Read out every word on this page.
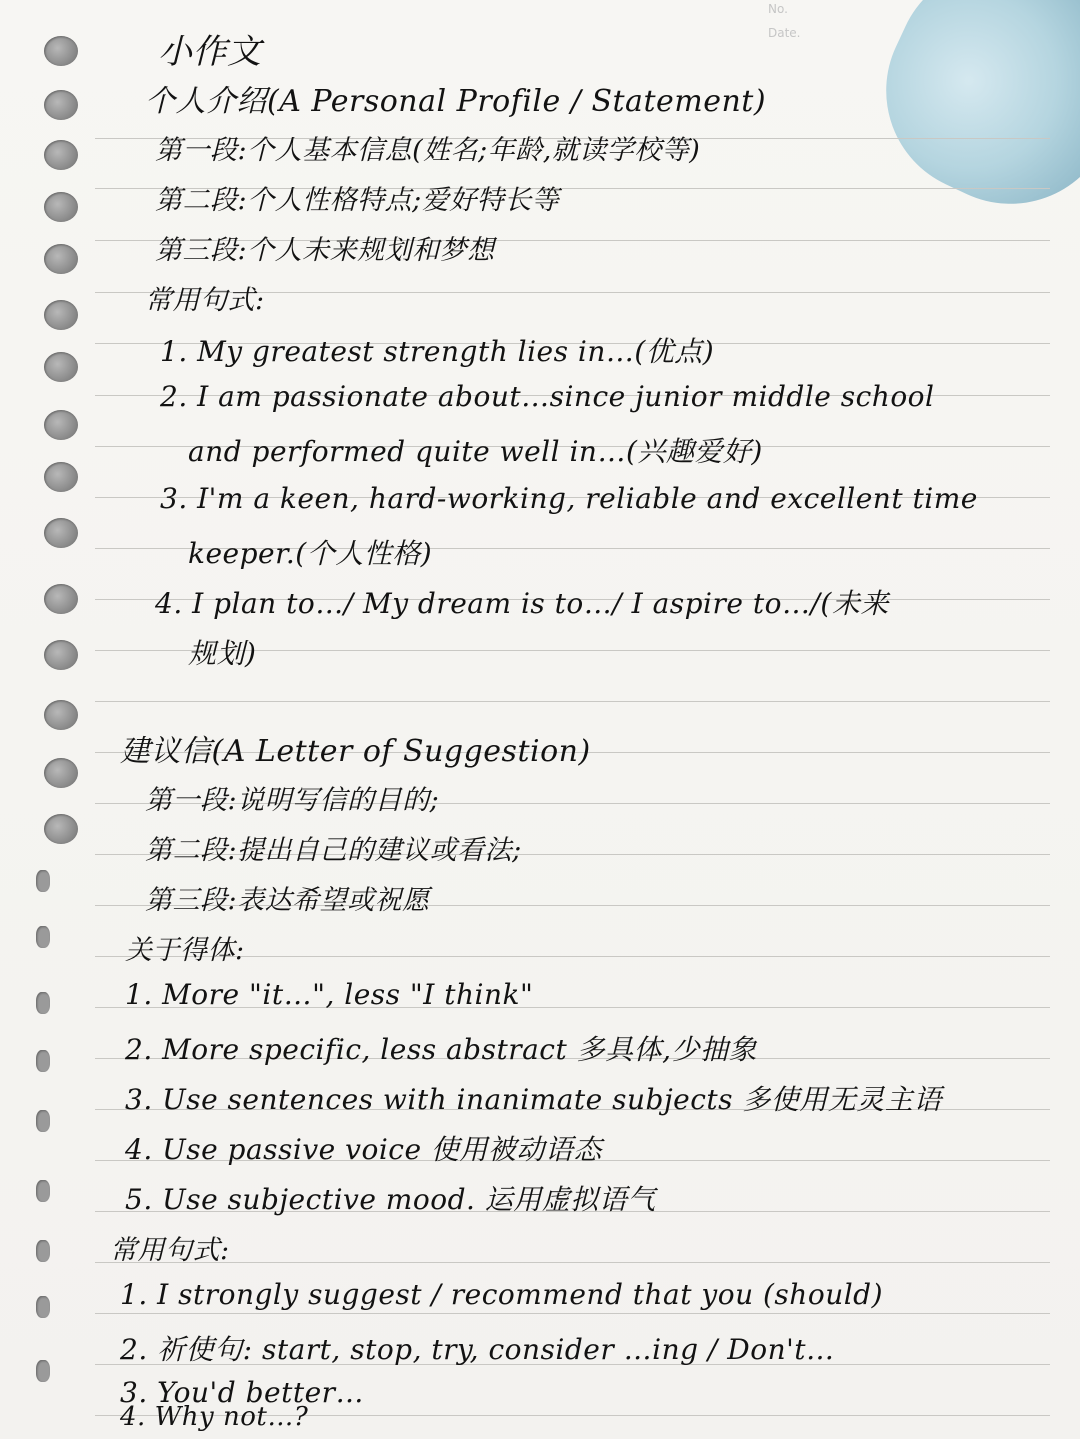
No.
Date.
小作文
个人介绍(A Personal Profile / Statement)
第一段:个人基本信息(姓名;年龄,就读学校等)
第二段:个人性格特点;爱好特长等
第三段:个人未来规划和梦想
常用句式:
1. My greatest strength lies in…(优点)
2. I am passionate about…since junior middle school
and performed quite well in…(兴趣爱好)
3. I'm a keen, hard-working, reliable and excellent time
keeper.(个人性格)
4. I plan to…/ My dream is to…/ I aspire to…/(未来
规划)
建议信(A Letter of Suggestion)
第一段:说明写信的目的;
第二段:提出自己的建议或看法;
第三段:表达希望或祝愿
关于得体:
1. More "it…", less "I think"
2. More specific, less abstract 多具体,少抽象
3. Use sentences with inanimate subjects 多使用无灵主语
4. Use passive voice 使用被动语态
5. Use subjective mood. 运用虚拟语气
常用句式:
1. I strongly suggest / recommend that you (should)
2. 祈使句: start, stop, try, consider …ing / Don't…
3. You'd better…
4. Why not…?
